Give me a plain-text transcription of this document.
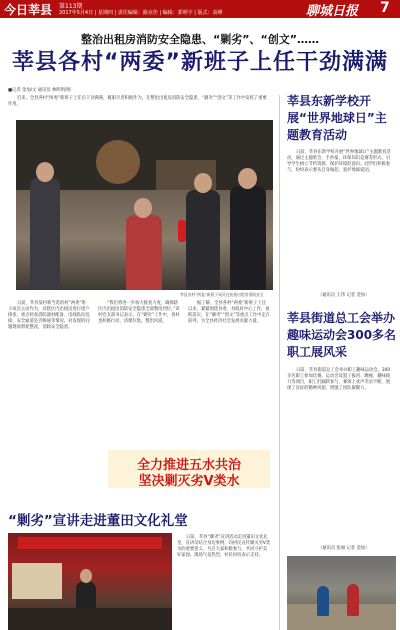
今日莘县 第113期
2017年5月4日 | 星期四 | 责任编辑：路京佳 | 编辑：郭明宇 | 版式：高峰	聊城日报 7
整治出租房消防安全隐患、“剿劣”、“创文”……
莘县各村“两委”新班子上任干劲满满
■记者 金加/文 通讯员 林明明/图
近来，全县各村“两委”新班子上任后干劲满满，履职尽责积极作为，在整治出租房消防安全隐患、“剿劣”“创文”等工作中发挥了重要作用。
莘县各村“两委”新班子成员在检查出租房消防安全
日前，莘县某村新当选的村“两委”班子成员主动作为，对辖区内出租房进行逐户排查，重点检查消防器材配备、电线私拉乱接、安全通道是否畅通等情况，对发现的问题现场督促整改，消除安全隐患。
“我们将进一步加大排查力度，确保辖区内出租房消防安全隐患全部整改到位。”该村党支部书记表示。在“剿劣”工作中，各村也积极行动，清理垃圾、整治河道。
据了解，全县各村“两委”新班子上任以来，紧紧围绕县委、县政府中心工作，狠抓落实，在“剿劣”“创文”等重点工作中走在前列，为全县经济社会发展贡献力量。
全力推进五水共治
坚决剿灭劣Ⅴ类水
“剿劣”宣讲走进董田文化礼堂
日前，莘县“剿劣”宣讲活动走进董田文化礼堂，宣讲员结合身边事例，向村民宣传剿灭劣Ⅴ类水的重要意义，号召大家积极参与，共同守护美好家园。现场气氛热烈，村民纷纷表示支持。
莘县东新学校开展“世界地球日”主题教育活动
日前，莘县东新学校开展“世界地球日”主题教育活动，通过主题班会、手抄报、环保知识竞赛等形式，引导学生树立节约资源、保护环境的意识。同学们积极参与，纷纷表示要从自身做起，爱护地球家园。
（通讯员 王伟 记者 金加）
莘县街道总工会举办趣味运动会300多名职工展风采
日前，莘县街道总工会举办职工趣味运动会，300多名职工参加比赛。运动会设置了拔河、跳绳、趣味接力等项目，职工们踊跃参与，赛场上欢声笑语不断，展现了良好的精神风貌，增强了团队凝聚力。
（通讯员 张丽 记者 金加）
